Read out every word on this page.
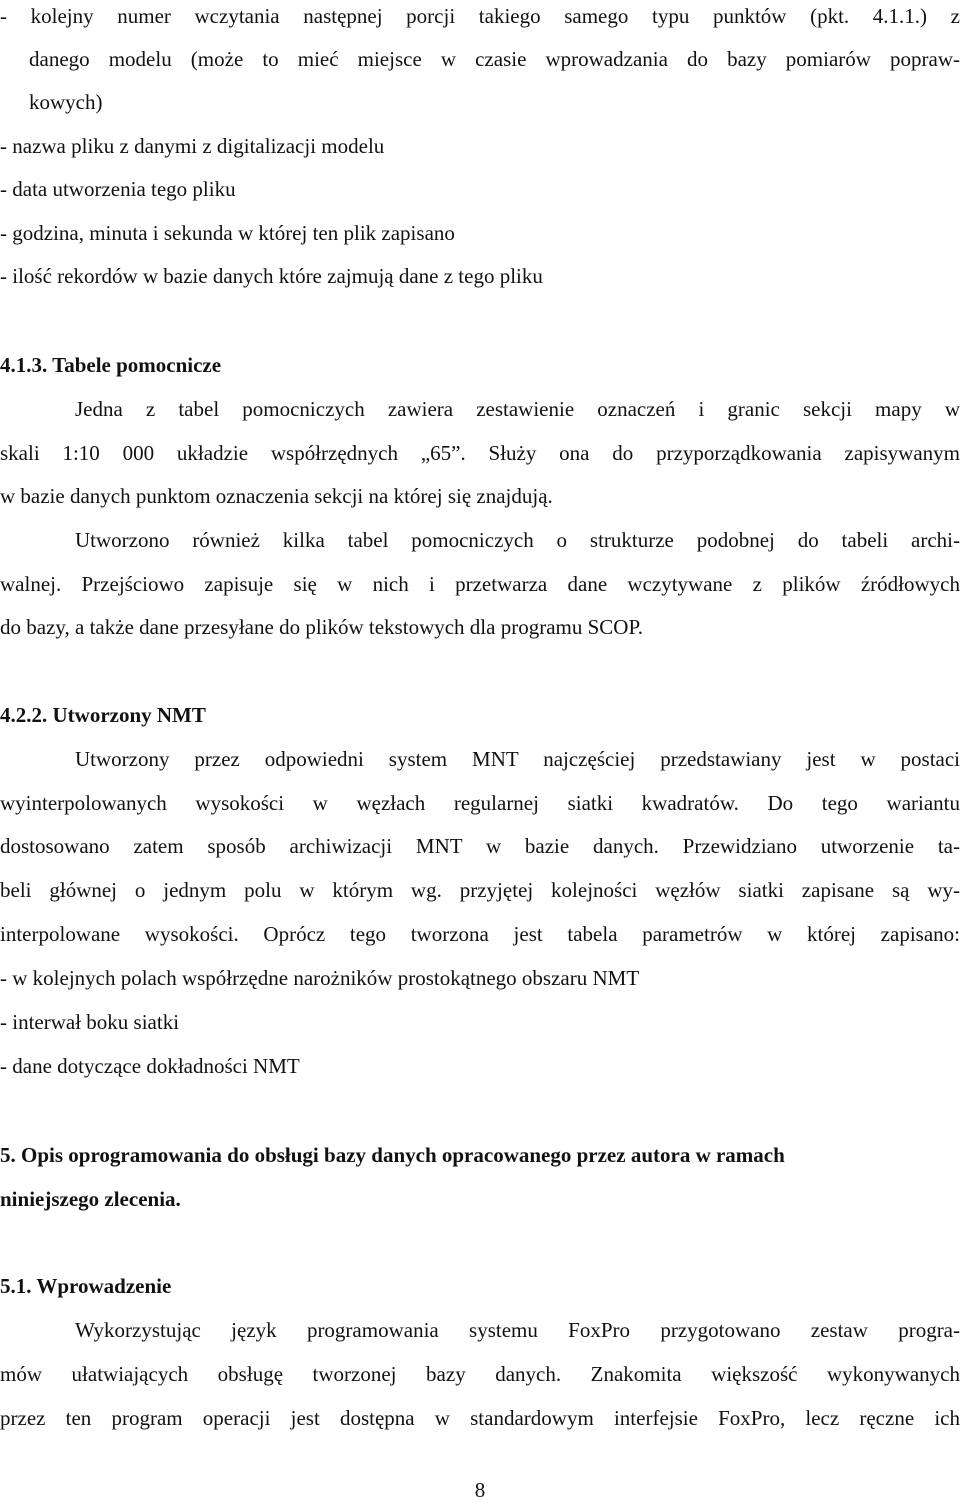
- kolejny numer wczytania następnej porcji takiego samego typu punktów (pkt. 4.1.1.) z
danego modelu (może to mieć miejsce w czasie wprowadzania do bazy pomiarów popraw-
kowych)
- nazwa pliku z danymi z digitalizacji modelu
- data utworzenia tego pliku
- godzina, minuta i sekunda w której ten plik zapisano
- ilość rekordów w bazie danych które zajmują dane z tego pliku
4.1.3. Tabele pomocnicze
Jedna z tabel pomocniczych zawiera zestawienie oznaczeń i granic sekcji mapy w
skali 1:10 000 układzie współrzędnych „65”. Służy ona do przyporządkowania zapisywanym
w bazie danych punktom oznaczenia sekcji na której się znajdują.
Utworzono również kilka tabel pomocniczych o strukturze podobnej do tabeli archi-
walnej. Przejściowo zapisuje się w nich i przetwarza dane wczytywane z plików źródłowych
do bazy, a także dane przesyłane do plików tekstowych dla programu SCOP.
4.2.2. Utworzony NMT
Utworzony przez odpowiedni system MNT najczęściej przedstawiany jest w postaci
wyinterpolowanych wysokości w węzłach regularnej siatki kwadratów. Do tego wariantu
dostosowano zatem sposób archiwizacji MNT w bazie danych. Przewidziano utworzenie ta-
beli głównej o jednym polu w którym wg. przyjętej kolejności węzłów siatki zapisane są wy-
interpolowane wysokości. Oprócz tego tworzona jest tabela parametrów w której zapisano:
- w kolejnych polach współrzędne narożników prostokątnego obszaru NMT
- interwał boku siatki
- dane dotyczące dokładności NMT
5. Opis oprogramowania do obsługi bazy danych opracowanego przez autora w ramach
niniejszego zlecenia.
5.1. Wprowadzenie
Wykorzystując język programowania systemu FoxPro przygotowano zestaw progra-
mów ułatwiających obsługę tworzonej bazy danych. Znakomita większość wykonywanych
przez ten program operacji jest dostępna w standardowym interfejsie FoxPro, lecz ręczne ich
8
